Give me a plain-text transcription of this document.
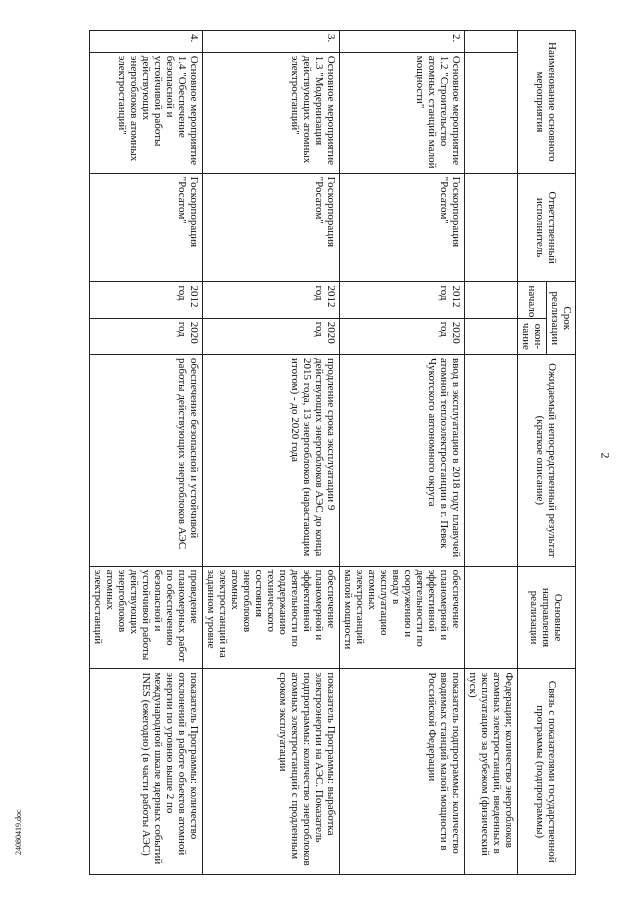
2
24080419.doc
Наименование основного мероприятия		Ответственный исполнитель	Срок реализации		Ожидаемый непосредственный результат (краткое описание)	Основные направления реализации	Связь с показателями государственной программы (подпрограммы)
			начало	окон-чание			
							Федерации; количество энергоблоков атомных электростанций, введенных в эксплуатацию за рубежом (физический пуск)
2.	Основное мероприятие 1.2 "Строительство атомных станций малой мощности"	Госкорпорация "Росатом"	2012 год	2020 год	ввод в эксплуатацию в 2018 году плавучей атомной теплоэлектростанции в г. Певек Чукотского автономного округа	обеспечение планомерной и эффективной деятельности по сооружению и вводу в эксплуатацию атомных электростанций малой мощности	показатель подпрограммы: количество вводимых станций малой мощности в Российской Федерации
3.	Основное мероприятие 1.3 "Модернизация действующих атомных электростанций"	Госкорпорация "Росатом"	2012 год	2020 год	продление срока эксплуатации 9 действующих энергоблоков АЭС до конца 2015 года, 13 энергоблоков (нарастающим итогом) - до 2020 года	обеспечение планомерной и эффективной деятельности по поддержанию технического состояния энергоблоков атомных электростанций на заданном уровне	показатель Программы: выработка электроэнергии на АЭС. Показатель подпрограммы: количество энергоблоков атомных электростанций с продленным сроком эксплуатации
4.	Основное мероприятие 1.4 "Обеспечение безопасной и устойчивой работы действующих энергоблоков атомных электростанций"	Госкорпорация "Росатом"	2012 год	2020 год	обеспечение безопасной и устойчивой работы действующих энергоблоков АЭС	проведение планомерных работ по обеспечению безопасной и устойчивой работы действующих энергоблоков атомных электростанций	показатель Программы: количество отклонений в работе объектов атомной энергии по уровню выше 2 по международной шкале ядерных событий INES (ежегодно) (в части работы АЭС)
